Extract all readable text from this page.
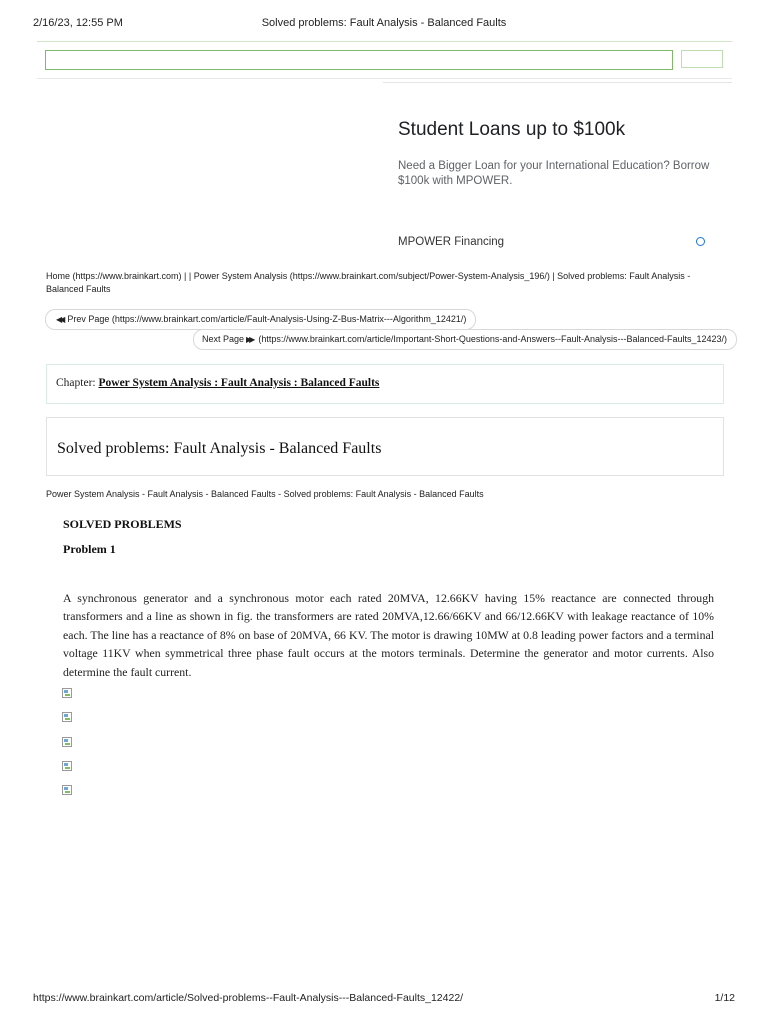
2/16/23, 12:55 PM	Solved problems: Fault Analysis - Balanced Faults
Student Loans up to $100k
Need a Bigger Loan for your International Education? Borrow $100k with MPOWER.
MPOWER Financing
Home (https://www.brainkart.com) | | Power System Analysis (https://www.brainkart.com/subject/Power-System-Analysis_196/) | Solved problems: Fault Analysis - Balanced Faults
◀◀ Prev Page (https://www.brainkart.com/article/Fault-Analysis-Using-Z-Bus-Matrix---Algorithm_12421/)
Next Page ▶▶ (https://www.brainkart.com/article/Important-Short-Questions-and-Answers--Fault-Analysis---Balanced-Faults_12423/)
Chapter: Power System Analysis : Fault Analysis : Balanced Faults
Solved problems: Fault Analysis - Balanced Faults
Power System Analysis - Fault Analysis - Balanced Faults - Solved problems: Fault Analysis - Balanced Faults
SOLVED PROBLEMS
Problem 1

A synchronous generator and a synchronous motor each rated 20MVA, 12.66KV having 15% reactance are connected through transformers and a line as shown in fig. the transformers are rated 20MVA,12.66/66KV and 66/12.66KV with leakage reactance of 10% each. The line has a reactance of 8% on base of 20MVA, 66 KV. The motor is drawing 10MW at 0.8 leading power factors and a terminal voltage 11KV when symmetrical three phase fault occurs at the motors terminals. Determine the generator and motor currents. Also determine the fault current.

https://www.brainkart.com/article/Solved-problems--Fault-Analysis---Balanced-Faults_12422/	1/12
